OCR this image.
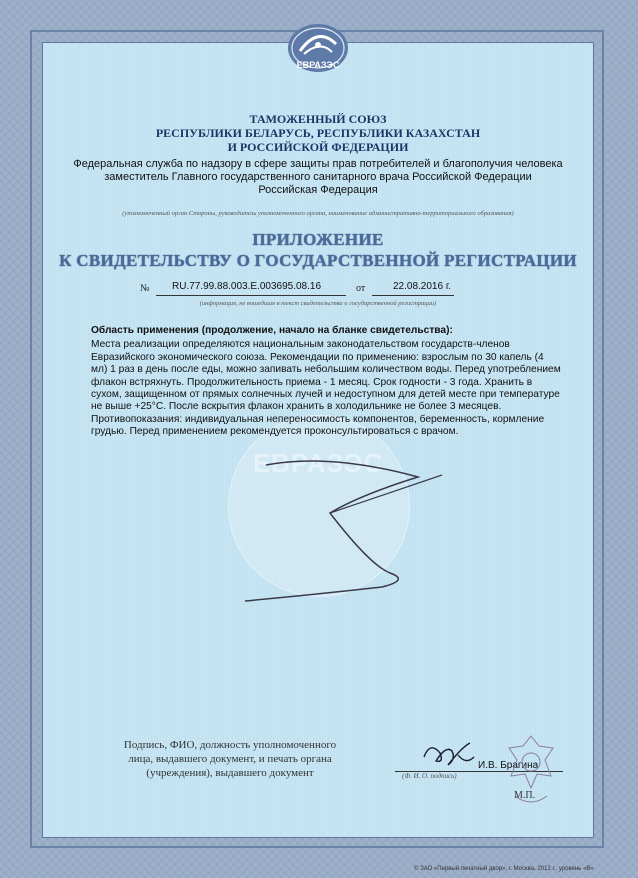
ЕВРАЗЭС
ЕВРАЗЭС
ТАМОЖЕННЫЙ СОЮЗ
РЕСПУБЛИКИ БЕЛАРУСЬ, РЕСПУБЛИКИ КАЗАХСТАН
И РОССИЙСКОЙ ФЕДЕРАЦИИ
Федеральная служба по надзору в сфере защиты прав потребителей и благополучия человека
заместитель Главного государственного санитарного врача Российской Федерации
Российская Федерация
(уполномоченный орган Стороны, руководитель уполномоченного органа, наименование административно-территориального образования)
ПРИЛОЖЕНИЕ
К СВИДЕТЕЛЬСТВУ О ГОСУДАРСТВЕННОЙ РЕГИСТРАЦИИ
№ RU.77.99.88.003.Е.003695.08.16	от	22.08.2016 г.
(информация, не вошедшая в текст свидетельства о государственной регистрации)
Область применения (продолжение, начало на бланке свидетельства):
Места реализации определяются национальным законодательством государств-членов Евразийского экономического союза. Рекомендации по применению: взрослым по 30 капель (4 мл) 1 раз в день после еды, можно запивать небольшим количеством воды. Перед употреблением флакон встряхнуть. Продолжительность приема - 1 месяц. Срок годности - 3 года. Хранить в сухом, защищенном от прямых солнечных лучей и недоступном для детей месте при температуре не выше +25°С. После вскрытия флакон хранить в холодильнике не более 3 месяцев. Противопоказания: индивидуальная непереносимость компонентов, беременность, кормление грудью. Перед применением рекомендуется проконсультироваться с врачом.
Подпись, ФИО, должность уполномоченного
лица, выдавшего документ, и печать органа
(учреждения), выдавшего документ
И.В. Брагина
(Ф. И. О. подпись)
М.П.
© ЗАО «Первый печатный двор», г. Москва, 2012 г., уровень «В»
